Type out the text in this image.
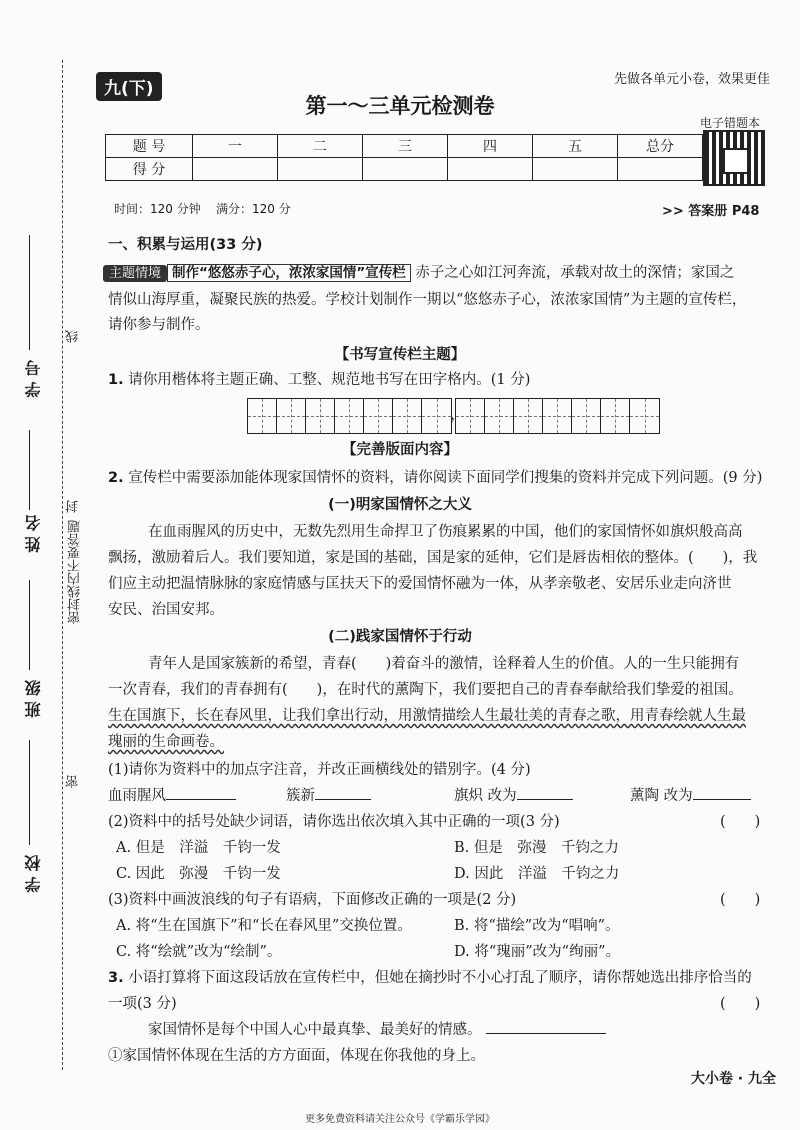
线
密封线内不要答题
封
密
学 号
姓 名
班 级
学 校
九(下)	先做各单元小卷，效果更佳
第一～三单元检测卷
电子错题本
题 号	一	二	三	四	五	总分
得 分						
时间：120 分钟 满分：120 分	>> 答案册 P48
一、积累与运用(33 分)
主题情境 制作“悠悠赤子心，浓浓家国情”宣传栏 赤子之心如江河奔流，承载对故土的深情；家国之
情似山海厚重，凝聚民族的热爱。学校计划制作一期以“悠悠赤子心，浓浓家国情”为主题的宣传栏，
请你参与制作。
【书写宣传栏主题】
1. 请你用楷体将主题正确、工整、规范地书写在田字格内。(1 分)
，
【完善版面内容】
2. 宣传栏中需要添加能体现家国情怀的资料，请你阅读下面同学们搜集的资料并完成下列问题。(9 分)
(一)明家国情怀之大义
在血雨腥风的历史中，无数先烈用生命捍卫了伤痕累累的中国，他们的家国情怀如旗炽般高高
飘扬，激励着后人。我们要知道，家是国的基础，国是家的延伸，它们是唇齿相依的整体。(　　)，我
们应主动把温情脉脉的家庭情感与匡扶天下的爱国情怀融为一体，从孝亲敬老、安居乐业走向济世
安民、治国安邦。
(二)践家国情怀于行动
青年人是国家簇新的希望，青春(　　)着奋斗的激情，诠释着人生的价值。人的一生只能拥有
一次青春，我们的青春拥有(　　)，在时代的薰陶下，我们要把自己的青春奉献给我们挚爱的祖国。
生在国旗下，长在春风里，让我们拿出行动，用激情描绘人生最壮美的青春之歌，用青春绘就人生最
瑰丽的生命画卷。
(1)请你为资料中的加点字注音，并改正画横线处的错别字。(4 分)
血雨腥风	簇新	旗炽 改为	薰陶 改为
(2)资料中的括号处缺少词语，请你选出依次填入其中正确的一项(3 分)	(　　)
A. 但是　洋溢　千钧一发	B. 但是　弥漫　千钧之力
C. 因此　弥漫　千钧一发	D. 因此　洋溢　千钧之力
(3)资料中画波浪线的句子有语病，下面修改正确的一项是(2 分)	(　　)
A. 将“生在国旗下”和“长在春风里”交换位置。	B. 将“描绘”改为“唱响”。
C. 将“绘就”改为“绘制”。	D. 将“瑰丽”改为“绚丽”。
3. 小语打算将下面这段话放在宣传栏中，但她在摘抄时不小心打乱了顺序，请你帮她选出排序恰当的
一项(3 分)	(　　)
家国情怀是每个中国人心中最真挚、最美好的情感。
①家国情怀体现在生活的方方面面，体现在你我他的身上。
大小卷 · 九全
更多免费资料请关注公众号《学霸乐学园》
